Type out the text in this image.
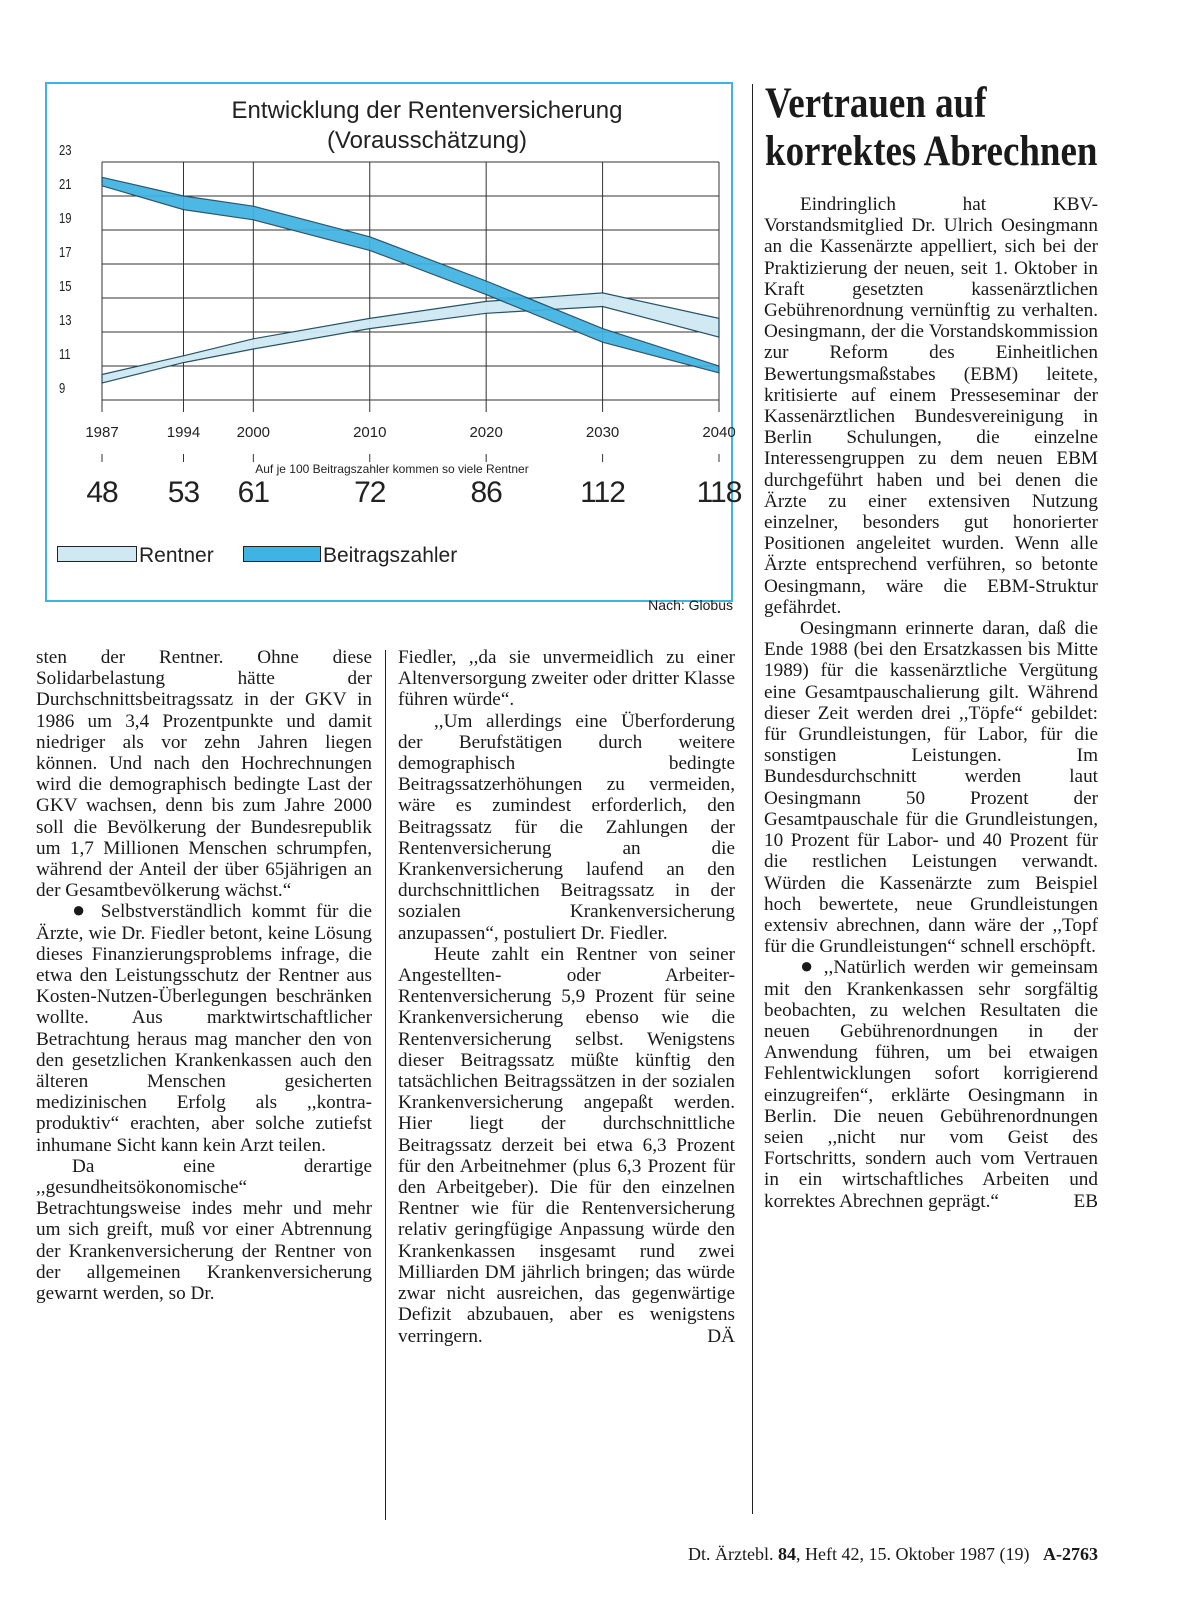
Entwicklung der Rentenversicherung
(Vorausschätzung)
23
21
19
17
15
13
11
9
1987	1994 2000	2010	2020	2030	2040
Auf je 100 Beitragszahler kommen so viele Rentner
48 53 61	72	86	112 118
Rentner	Beitragszahler
Nach: Globus
Vertrauen auf
korrektes Abrechnen

sten der Rentner. Ohne diese Solidarbelastung hätte der Durchschnittsbeitragssatz in der GKV in 1986 um 3,4 Prozentpunkte und damit niedriger als vor zehn Jahren liegen können. Und nach den Hochrechnungen wird die demographisch bedingte Last der GKV wachsen, denn bis zum Jahre 2000 soll die Bevölkerung der Bundesrepublik um 1,7 Millionen Menschen schrumpfen, während der Anteil der über 65jährigen an der Gesamtbevölkerung wächst.“

● Selbstverständlich kommt für die Ärzte, wie Dr. Fiedler betont, keine Lösung dieses Finanzierungsproblems infrage, die etwa den Leistungsschutz der Rentner aus Kosten-Nutzen-Überlegungen beschränken wollte. Aus marktwirtschaftlicher Betrachtung heraus mag mancher den von den gesetzlichen Krankenkassen auch den älteren Menschen gesicherten medizinischen Erfolg als ,,kontra-produktiv“ erachten, aber solche zutiefst inhumane Sicht kann kein Arzt teilen.

Da eine derartige ,,gesundheitsökonomische“ Betrachtungsweise indes mehr und mehr um sich greift, muß vor einer Abtrennung der Krankenversicherung der Rentner von der allgemeinen Krankenversicherung gewarnt werden, so Dr.

Fiedler, ,,da sie unvermeidlich zu einer Altenversorgung zweiter oder dritter Klasse führen würde“.

,,Um allerdings eine Überforderung der Berufstätigen durch weitere demographisch bedingte Beitragssatzerhöhungen zu vermeiden, wäre es zumindest erforderlich, den Beitragssatz für die Zahlungen der Rentenversicherung an die Krankenversicherung laufend an den durchschnittlichen Beitragssatz in der sozialen Krankenversicherung anzupassen“, postuliert Dr. Fiedler.

Heute zahlt ein Rentner von seiner Angestellten- oder Arbeiter-Rentenversicherung 5,9 Prozent für seine Krankenversicherung ebenso wie die Rentenversicherung selbst. Wenigstens dieser Beitragssatz müßte künftig den tatsächlichen Beitragssätzen in der sozialen Krankenversicherung angepaßt werden. Hier liegt der durchschnittliche Beitragssatz derzeit bei etwa 6,3 Prozent für den Arbeitnehmer (plus 6,3 Prozent für den Arbeitgeber). Die für den einzelnen Rentner wie für die Rentenversicherung relativ geringfügige Anpassung würde den Krankenkassen insgesamt rund zwei Milliarden DM jährlich bringen; das würde zwar nicht ausreichen, das gegenwärtige Defizit abzubauen, aber es wenigstens verringern.	DÄ

Eindringlich hat KBV-Vorstandsmitglied Dr. Ulrich Oesingmann an die Kassenärzte appelliert, sich bei der Praktizierung der neuen, seit 1. Oktober in Kraft gesetzten kassenärztlichen Gebührenordnung vernünftig zu verhalten. Oesingmann, der die Vorstandskommission zur Reform des Einheitlichen Bewertungsmaßstabes (EBM) leitete, kritisierte auf einem Presseseminar der Kassenärztlichen Bundesvereinigung in Berlin Schulungen, die einzelne Interessengruppen zu dem neuen EBM durchgeführt haben und bei denen die Ärzte zu einer extensiven Nutzung einzelner, besonders gut honorierter Positionen angeleitet wurden. Wenn alle Ärzte entsprechend verführen, so betonte Oesingmann, wäre die EBM-Struktur gefährdet.

Oesingmann erinnerte daran, daß die Ende 1988 (bei den Ersatzkassen bis Mitte 1989) für die kassenärztliche Vergütung eine Gesamtpauschalierung gilt. Während dieser Zeit werden drei ,,Töpfe“ gebildet: für Grundleistungen, für Labor, für die sonstigen Leistungen. Im Bundesdurchschnitt werden laut Oesingmann 50 Prozent der Gesamtpauschale für die Grundleistungen, 10 Prozent für Labor- und 40 Prozent für die restlichen Leistungen verwandt. Würden die Kassenärzte zum Beispiel hoch bewertete, neue Grundleistungen extensiv abrechnen, dann wäre der ,,Topf für die Grundleistungen“ schnell erschöpft.

● ,,Natürlich werden wir gemeinsam mit den Krankenkassen sehr sorgfältig beobachten, zu welchen Resultaten die neuen Gebührenordnungen in der Anwendung führen, um bei etwaigen Fehlentwicklungen sofort korrigierend einzugreifen“, erklärte Oesingmann in Berlin. Die neuen Gebührenordnungen seien ,,nicht nur vom Geist des Fortschritts, sondern auch vom Vertrauen in ein wirtschaftliches Arbeiten und korrektes Abrechnen geprägt.“	EB

Dt. Ärztebl. 84, Heft 42, 15. Oktober 1987 (19) A-2763
